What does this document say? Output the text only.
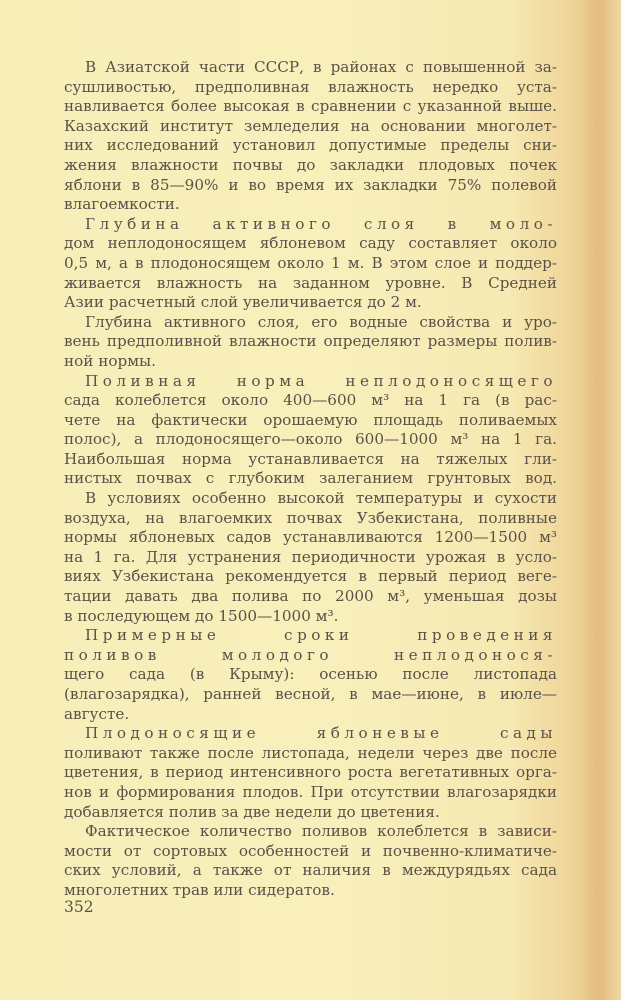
В Азиатской части СССР, в районах с повышенной за-
сушливостью, предполивная влажность нередко уста-
навливается более высокая в сравнении с указанной выше.
Казахский институт земледелия на основании многолет-
них исследований установил допустимые пределы сни-
жения влажности почвы до закладки плодовых почек
яблони в 85—90% и во время их закладки 75% полевой
влагоемкости.
Глубина активного слоя в моло-
дом неплодоносящем яблоневом саду составляет около
0,5 м, а в плодоносящем около 1 м. В этом слое и поддер-
живается влажность на заданном уровне. В Средней
Азии расчетный слой увеличивается до 2 м.
Глубина активного слоя, его водные свойства и уро-
вень предполивной влажности определяют размеры полив-
ной нормы.
Поливная норма неплодоносящего
сада колеблется около 400—600 м³ на 1 га (в рас-
чете на фактически орошаемую площадь поливаемых
полос), а плодоносящего—около 600—1000 м³ на 1 га.
Наибольшая норма устанавливается на тяжелых гли-
нистых почвах с глубоким залеганием грунтовых вод.
В условиях особенно высокой температуры и сухости
воздуха, на влагоемких почвах Узбекистана, поливные
нормы яблоневых садов устанавливаются 1200—1500 м³
на 1 га. Для устранения периодичности урожая в усло-
виях Узбекистана рекомендуется в первый период веге-
тации давать два полива по 2000 м³, уменьшая дозы
в последующем до 1500—1000 м³.
Примерные сроки проведения
поливов молодого неплодонося-
щего сада (в Крыму): осенью после листопада
(влагозарядка), ранней весной, в мае—июне, в июле—
августе.
Плодоносящие яблоневые сады
поливают также после листопада, недели через две после
цветения, в период интенсивного роста вегетативных орга-
нов и формирования плодов. При отсутствии влагозарядки
добавляется полив за две недели до цветения.
Фактическое количество поливов колеблется в зависи-
мости от сортовых особенностей и почвенно-климатиче-
ских условий, а также от наличия в междурядьях сада
многолетних трав или сидератов.
352
